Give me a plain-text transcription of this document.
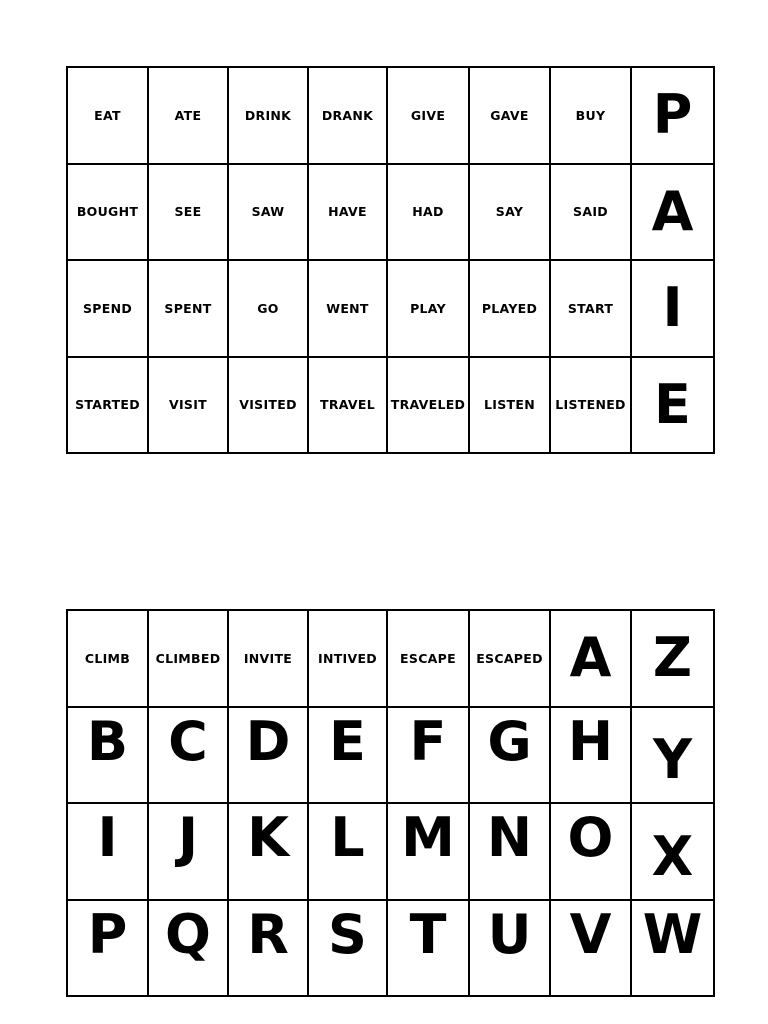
EAT	ATE	DRINK	DRANK	GIVE	GAVE	BUY	P
BOUGHT	SEE	SAW	HAVE	HAD	SAY	SAID	A
SPEND	SPENT	GO	WENT	PLAY	PLAYED	START	I
STARTED	VISIT	VISITED	TRAVEL	TRAVELED	LISTEN	LISTENED	E
CLIMB	CLIMBED	INVITE	INTIVED	ESCAPE	ESCAPED	A	Z
B	C	D	E	F	G	H	Y
I	J	K	L	M	N	O	X
P	Q	R	S	T	U	V	W
